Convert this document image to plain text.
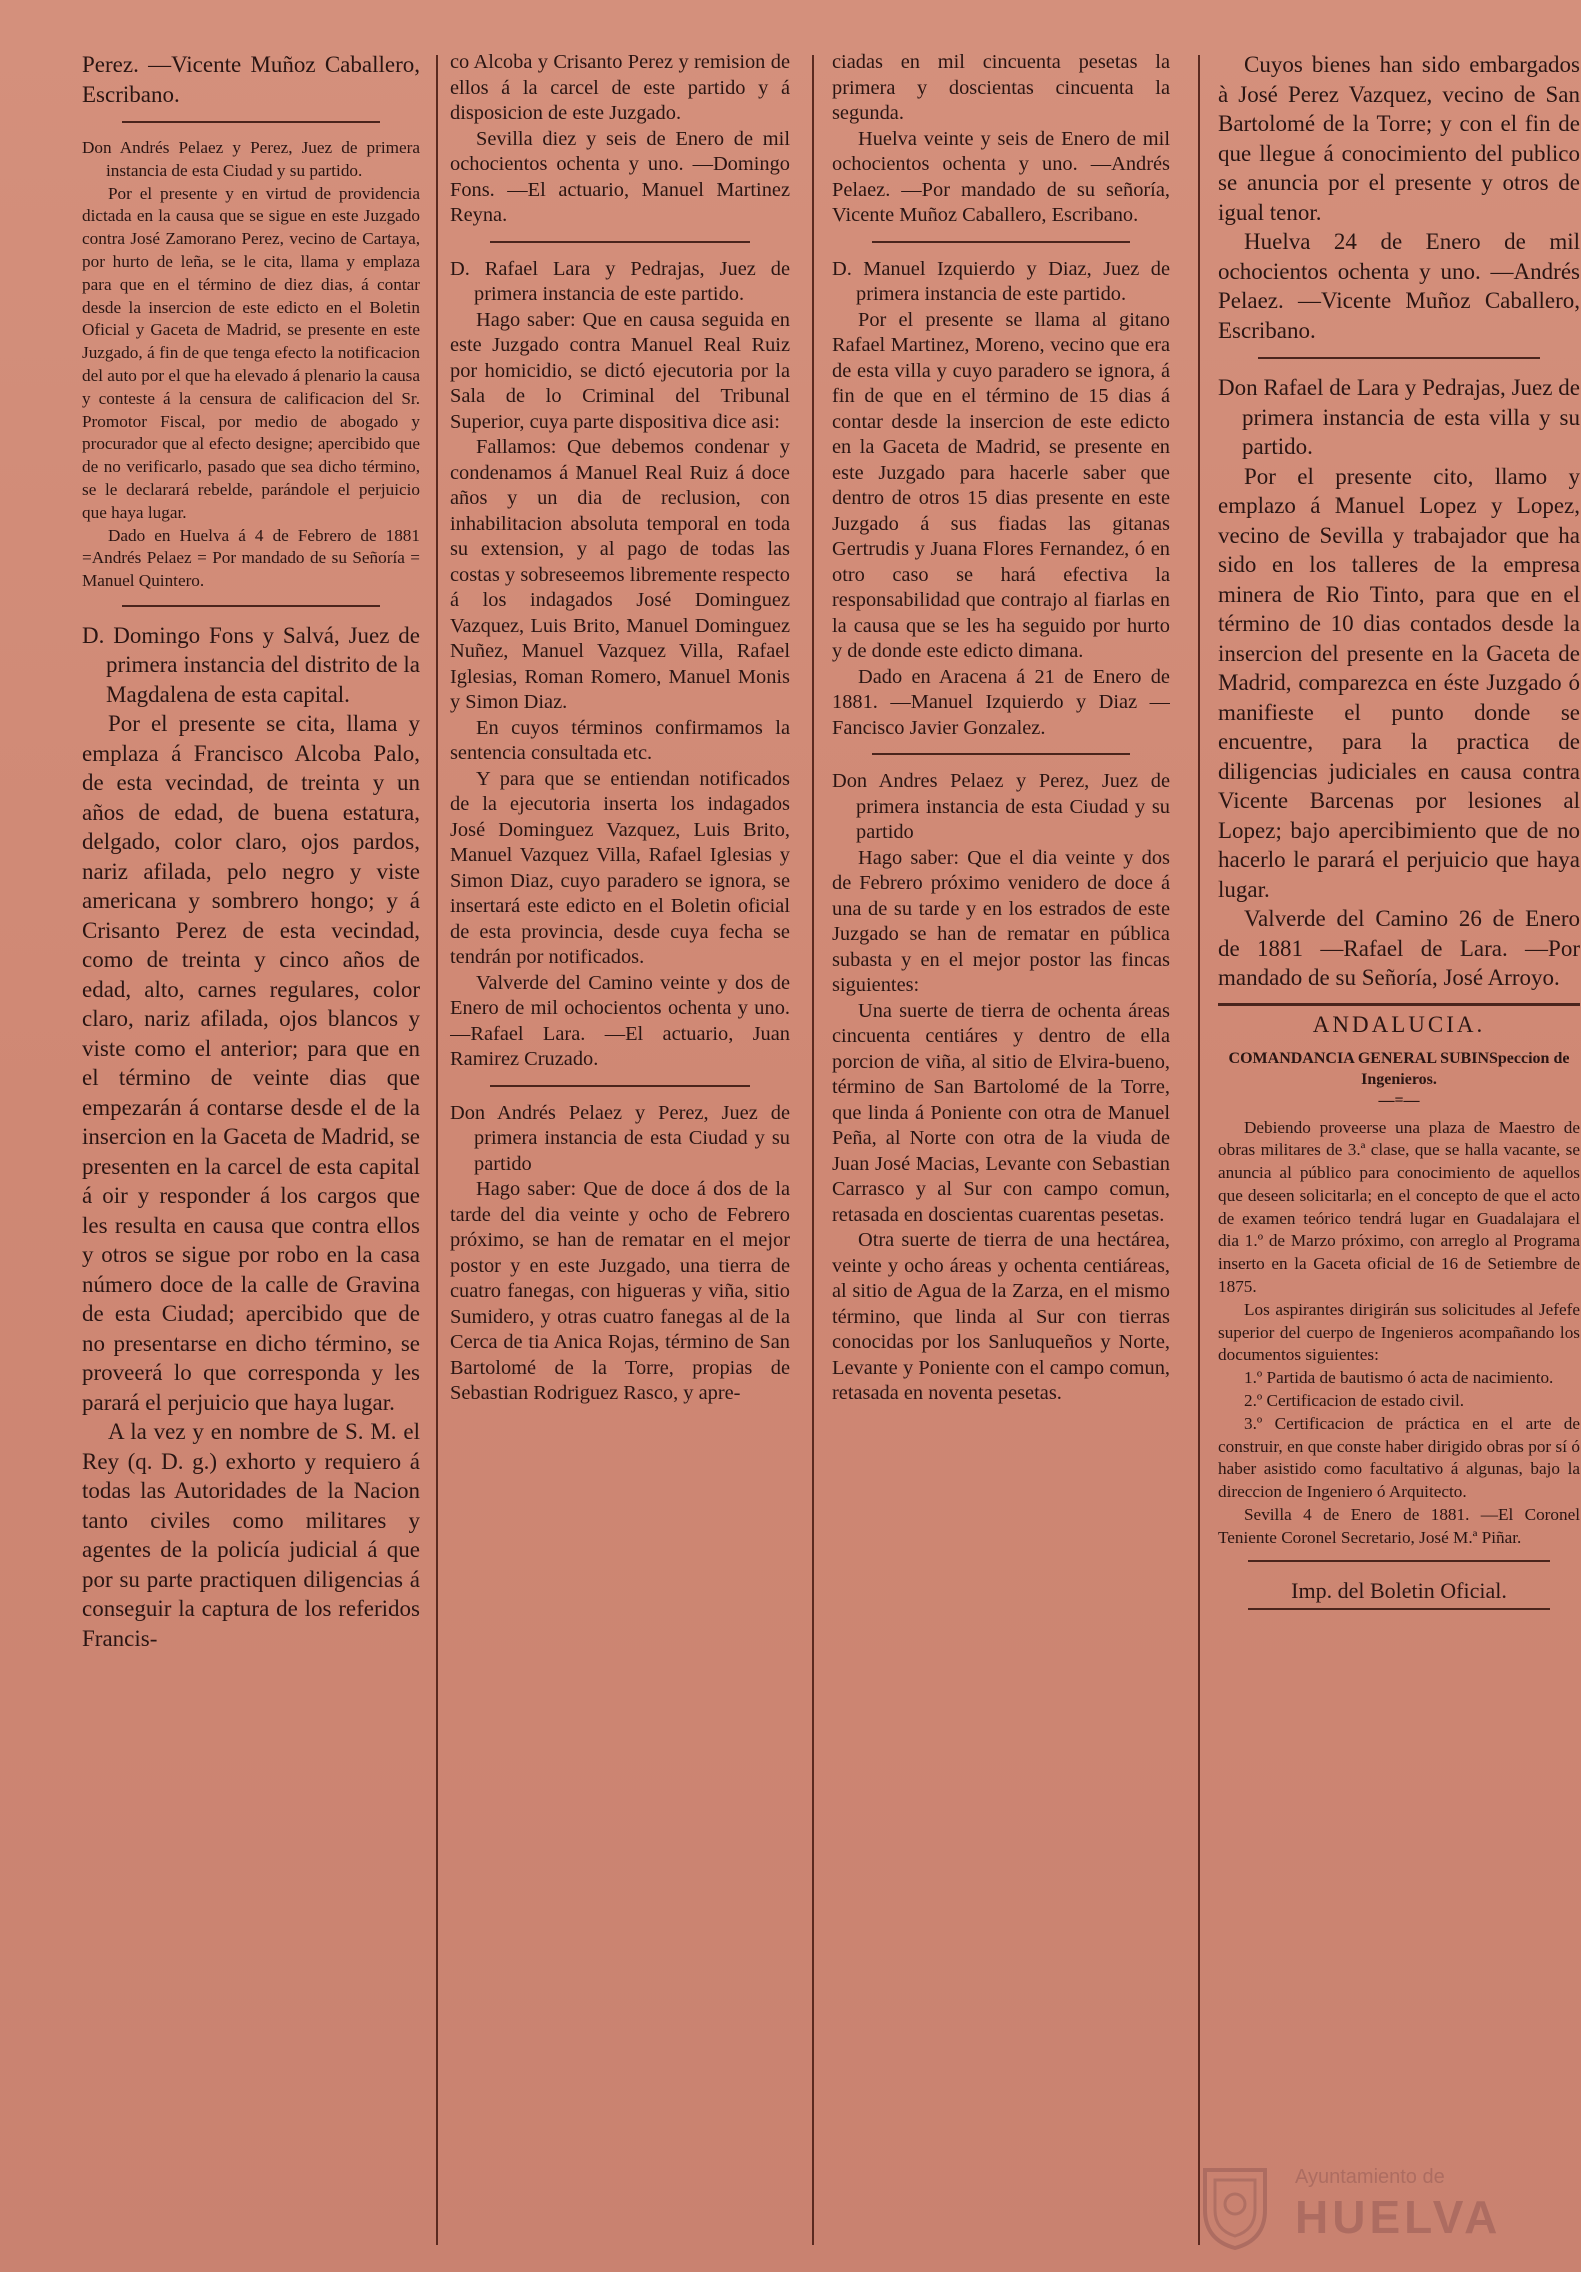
Perez. —Vicente Muñoz Caballero, Escribano.

Don Andrés Pelaez y Perez, Juez de primera instancia de esta Ciudad y su partido.

Por el presente y en virtud de providencia dictada en la causa que se sigue en este Juzgado contra José Zamorano Perez, vecino de Cartaya, por hurto de leña, se le cita, llama y emplaza para que en el término de diez dias, á contar desde la insercion de este edicto en el Boletin Oficial y Gaceta de Madrid, se presente en este Juzgado, á fin de que tenga efecto la notificacion del auto por el que ha elevado á plenario la causa y conteste á la censura de calificacion del Sr. Promotor Fiscal, por medio de abogado y procurador que al efecto designe; apercibido que de no verificarlo, pasado que sea dicho término, se le declarará rebelde, parándole el perjuicio que haya lugar.

Dado en Huelva á 4 de Febrero de 1881 =Andrés Pelaez = Por mandado de su Señoría = Manuel Quintero.

D. Domingo Fons y Salvá, Juez de primera instancia del distrito de la Magdalena de esta capital.

Por el presente se cita, llama y emplaza á Francisco Alcoba Palo, de esta vecindad, de treinta y un años de edad, de buena estatura, delgado, color claro, ojos pardos, nariz afilada, pelo negro y viste americana y sombrero hongo; y á Crisanto Perez de esta vecindad, como de treinta y cinco años de edad, alto, carnes regulares, color claro, nariz afilada, ojos blancos y viste como el anterior; para que en el término de veinte dias que empezarán á contarse desde el de la insercion en la Gaceta de Madrid, se presenten en la carcel de esta capital á oir y responder á los cargos que les resulta en causa que contra ellos y otros se sigue por robo en la casa número doce de la calle de Gravina de esta Ciudad; apercibido que de no presentarse en dicho término, se proveerá lo que corresponda y les parará el perjuicio que haya lugar.

A la vez y en nombre de S. M. el Rey (q. D. g.) exhorto y requiero á todas las Autoridades de la Nacion tanto civiles como militares y agentes de la policía judicial á que por su parte practiquen diligencias á conseguir la captura de los referidos Francis-

co Alcoba y Crisanto Perez y remision de ellos á la carcel de este partido y á disposicion de este Juzgado.

Sevilla diez y seis de Enero de mil ochocientos ochenta y uno. —Domingo Fons. —El actuario, Manuel Martinez Reyna.

D. Rafael Lara y Pedrajas, Juez de primera instancia de este partido.

Hago saber: Que en causa seguida en este Juzgado contra Manuel Real Ruiz por homicidio, se dictó ejecutoria por la Sala de lo Criminal del Tribunal Superior, cuya parte dispositiva dice asi:

Fallamos: Que debemos condenar y condenamos á Manuel Real Ruiz á doce años y un dia de reclusion, con inhabilitacion absoluta temporal en toda su extension, y al pago de todas las costas y sobreseemos libremente respecto á los indagados José Dominguez Vazquez, Luis Brito, Manuel Dominguez Nuñez, Manuel Vazquez Villa, Rafael Iglesias, Roman Romero, Manuel Monis y Simon Diaz.

En cuyos términos confirmamos la sentencia consultada etc.

Y para que se entiendan notificados de la ejecutoria inserta los indagados José Dominguez Vazquez, Luis Brito, Manuel Vazquez Villa, Rafael Iglesias y Simon Diaz, cuyo paradero se ignora, se insertará este edicto en el Boletin oficial de esta provincia, desde cuya fecha se tendrán por notificados.

Valverde del Camino veinte y dos de Enero de mil ochocientos ochenta y uno. —Rafael Lara. —El actuario, Juan Ramirez Cruzado.

Don Andrés Pelaez y Perez, Juez de primera instancia de esta Ciudad y su partido

Hago saber: Que de doce á dos de la tarde del dia veinte y ocho de Febrero próximo, se han de rematar en el mejor postor y en este Juzgado, una tierra de cuatro fanegas, con higueras y viña, sitio Sumidero, y otras cuatro fanegas al de la Cerca de tia Anica Rojas, término de San Bartolomé de la Torre, propias de Sebastian Rodriguez Rasco, y apre-

ciadas en mil cincuenta pesetas la primera y doscientas cincuenta la segunda.

Huelva veinte y seis de Enero de mil ochocientos ochenta y uno. —Andrés Pelaez. —Por mandado de su señoría, Vicente Muñoz Caballero, Escribano.

D. Manuel Izquierdo y Diaz, Juez de primera instancia de este partido.

Por el presente se llama al gitano Rafael Martinez, Moreno, vecino que era de esta villa y cuyo paradero se ignora, á fin de que en el término de 15 dias á contar desde la insercion de este edicto en la Gaceta de Madrid, se presente en este Juzgado para hacerle saber que dentro de otros 15 dias presente en este Juzgado á sus fiadas las gitanas Gertrudis y Juana Flores Fernandez, ó en otro caso se hará efectiva la responsabilidad que contrajo al fiarlas en la causa que se les ha seguido por hurto y de donde este edicto dimana.

Dado en Aracena á 21 de Enero de 1881. —Manuel Izquierdo y Diaz —Fancisco Javier Gonzalez.

Don Andres Pelaez y Perez, Juez de primera instancia de esta Ciudad y su partido

Hago saber: Que el dia veinte y dos de Febrero próximo venidero de doce á una de su tarde y en los estrados de este Juzgado se han de rematar en pública subasta y en el mejor postor las fincas siguientes:

Una suerte de tierra de ochenta áreas cincuenta centiáres y dentro de ella porcion de viña, al sitio de Elvira-bueno, término de San Bartolomé de la Torre, que linda á Poniente con otra de Manuel Peña, al Norte con otra de la viuda de Juan José Macias, Levante con Sebastian Carrasco y al Sur con campo comun, retasada en doscientas cuarentas pesetas.

Otra suerte de tierra de una hectárea, veinte y ocho áreas y ochenta centiáreas, al sitio de Agua de la Zarza, en el mismo término, que linda al Sur con tierras conocidas por los Sanluqueños y Norte, Levante y Poniente con el campo comun, retasada en noventa pesetas.

Cuyos bienes han sido embargados à José Perez Vazquez, vecino de San Bartolomé de la Torre; y con el fin de que llegue á conocimiento del publico se anuncia por el presente y otros de igual tenor.

Huelva 24 de Enero de mil ochocientos ochenta y uno. —Andrés Pelaez. —Vicente Muñoz Caballero, Escribano.

Don Rafael de Lara y Pedrajas, Juez de primera instancia de esta villa y su partido.

Por el presente cito, llamo y emplazo á Manuel Lopez y Lopez, vecino de Sevilla y trabajador que ha sido en los talleres de la empresa minera de Rio Tinto, para que en el término de 10 dias contados desde la insercion del presente en la Gaceta de Madrid, comparezca en éste Juzgado ó manifieste el punto donde se encuentre, para la practica de diligencias judiciales en causa contra Vicente Barcenas por lesiones al Lopez; bajo apercibimiento que de no hacerlo le parará el perjuicio que haya lugar.

Valverde del Camino 26 de Enero de 1881 —Rafael de Lara. —Por mandado de su Señoría, José Arroyo.

ANDALUCIA.
COMANDANCIA GENERAL SUBINSpeccion de Ingenieros.
—=—

Debiendo proveerse una plaza de Maestro de obras militares de 3.ª clase, que se halla vacante, se anuncia al público para conocimiento de aquellos que deseen solicitarla; en el concepto de que el acto de examen teórico tendrá lugar en Guadalajara el dia 1.º de Marzo próximo, con arreglo al Programa inserto en la Gaceta oficial de 16 de Setiembre de 1875.

Los aspirantes dirigirán sus solicitudes al Jefefe superior del cuerpo de Ingenieros acompañando los documentos siguientes:

1.º Partida de bautismo ó acta de nacimiento.

2.º Certificacion de estado civil.

3.º Certificacion de práctica en el arte de construir, en que conste haber dirigido obras por sí ó haber asistido como facultativo á algunas, bajo la direccion de Ingeniero ó Arquitecto.

Sevilla 4 de Enero de 1881. —El Coronel Teniente Coronel Secretario, José M.ª Piñar.

Imp. del Boletin Oficial.
Ayuntamiento de
HUELVA
